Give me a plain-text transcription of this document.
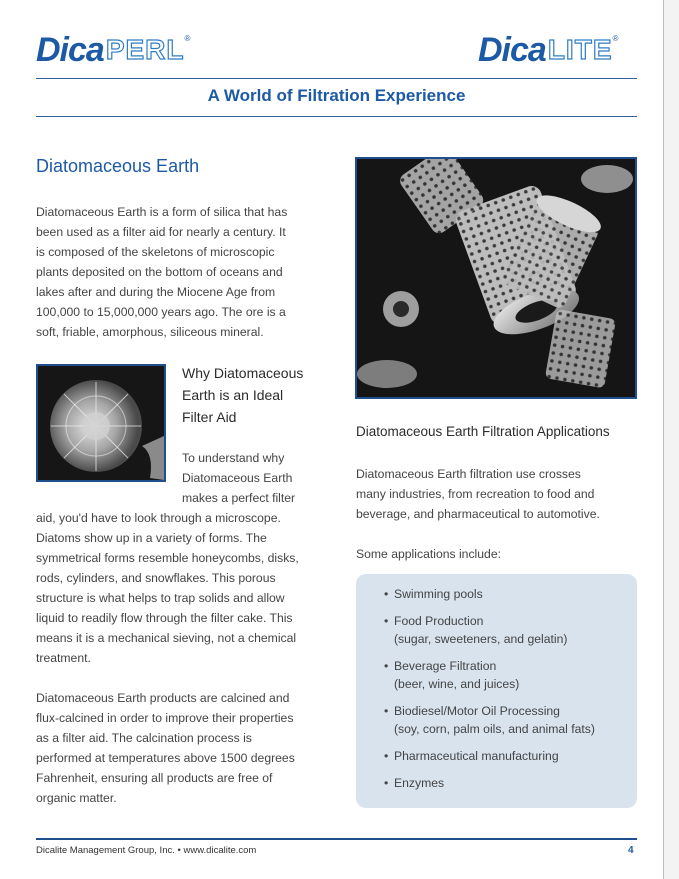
Dica PERL ®	Dica LITE ®
A World of Filtration Experience
Diatomaceous Earth
Diatomaceous Earth is a form of silica that has
been used as a filter aid for nearly a century. It
is composed of the skeletons of microscopic
plants deposited on the bottom of oceans and
lakes after and during the Miocene Age from
100,000 to 15,000,000 years ago. The ore is a
soft, friable, amorphous, siliceous mineral.
Why Diatomaceous
Earth is an Ideal
Filter Aid
To understand why
Diatomaceous Earth
makes a perfect filter
aid, you'd have to look through a microscope.
Diatoms show up in a variety of forms. The
symmetrical forms resemble honeycombs, disks,
rods, cylinders, and snowflakes. This porous
structure is what helps to trap solids and allow
liquid to readily flow through the filter cake. This
means it is a mechanical sieving, not a chemical
treatment.
Diatomaceous Earth products are calcined and
flux-calcined in order to improve their properties
as a filter aid. The calcination process is
performed at temperatures above 1500 degrees
Fahrenheit, ensuring all products are free of
organic matter.
Diatomaceous Earth Filtration Applications
Diatomaceous Earth filtration use crosses
many industries, from recreation to food and
beverage, and pharmaceutical to automotive.
Some applications include:
• Swimming pools
• Food Production
(sugar, sweeteners, and gelatin)
• Beverage Filtration
(beer, wine, and juices)
• Biodiesel/Motor Oil Processing
(soy, corn, palm oils, and animal fats)
• Pharmaceutical manufacturing
• Enzymes
Dicalite Management Group, Inc. • www.dicalite.com	4
